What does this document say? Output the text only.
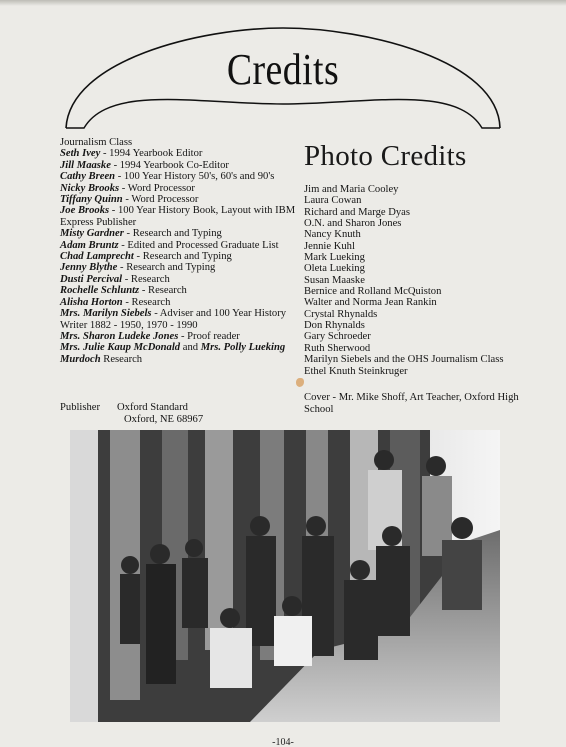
Credits
Journalism Class
Seth Ivey - 1994 Yearbook Editor
Jill Maaske - 1994 Yearbook Co-Editor
Cathy Breen - 100 Year History 50's, 60's and 90's
Nicky Brooks - Word Processor
Tiffany Quinn - Word Processor
Joe Brooks - 100 Year History Book, Layout with IBM Express Publisher
Misty Gardner - Research and Typing
Adam Bruntz - Edited and Processed Graduate List
Chad Lamprecht - Research and Typing
Jenny Blythe - Research and Typing
Dusti Percival - Research
Rochelle Schluntz - Research
Alisha Horton - Research
Mrs. Marilyn Siebels - Adviser and 100 Year History Writer 1882 - 1950, 1970 - 1990
Mrs. Sharon Ludeke Jones - Proof reader
Mrs. Julie Kaup McDonald and Mrs. Polly Lueking Murdoch Research
Publisher Oxford Standard
Oxford, NE 68967
Photo Credits
Jim and Maria Cooley
Laura Cowan
Richard and Marge Dyas
O.N. and Sharon Jones
Nancy Knuth
Jennie Kuhl
Mark Lueking
Oleta Lueking
Susan Maaske
Bernice and Rolland McQuiston
Walter and Norma Jean Rankin
Crystal Rhynalds
Don Rhynalds
Gary Schroeder
Ruth Sherwood
Marilyn Siebels and the OHS Journalism Class
Ethel Knuth Steinkruger
Cover - Mr. Mike Shoff, Art Teacher, Oxford High School
-104-
